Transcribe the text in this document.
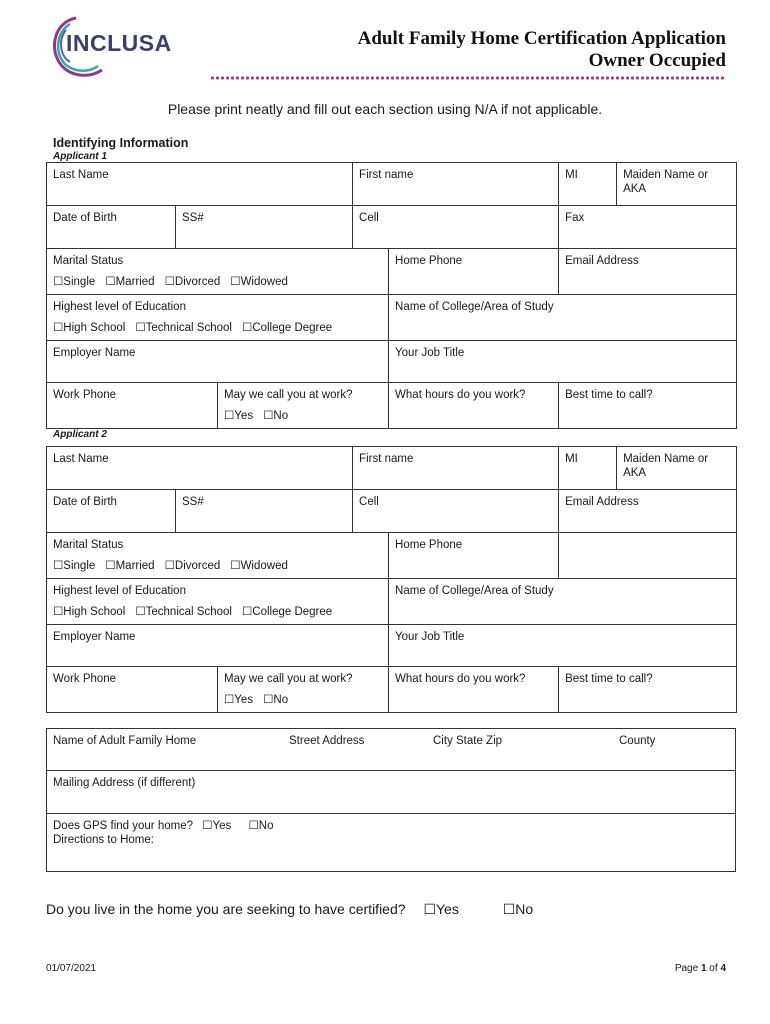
INCLUSA	Adult Family Home Certification Application
Owner Occupied
Please print neatly and fill out each section using N/A if not applicable.
Identifying Information
Applicant 1
Last Name			First name		MI Maiden Name or AKA

Date of Birth	SS#		Cell		Fax

Marital Status
☐Single ☐Married ☐Divorced ☐Widowed				Home Phone	Email Address

Highest level of Education
☐High School ☐Technical School ☐College Degree				Name of College/Area of Study	
Employer Name				Your Job Title	
Work Phone		May we call you at work?
☐Yes ☐No		What hours do you work?	Best time to call?
Applicant 2
Last Name			First name		MI Maiden Name or AKA

Date of Birth	SS#		Cell		Email Address

Marital Status
☐Single ☐Married ☐Divorced ☐Widowed				Home Phone	

Highest level of Education
☐High School ☐Technical School ☐College Degree				Name of College/Area of Study	
Employer Name				Your Job Title	
Work Phone		May we call you at work?
☐Yes ☐No		What hours do you work?	Best time to call?
Name of Adult Family Home	Street Address	City State Zip	County

Mailing Address (if different)

Does GPS find your home? ☐Yes ☐No
Directions to Home:
Do you live in the home you are seeking to have certified? ☐Yes	☐No
01/07/2021	Page 1 of 4
